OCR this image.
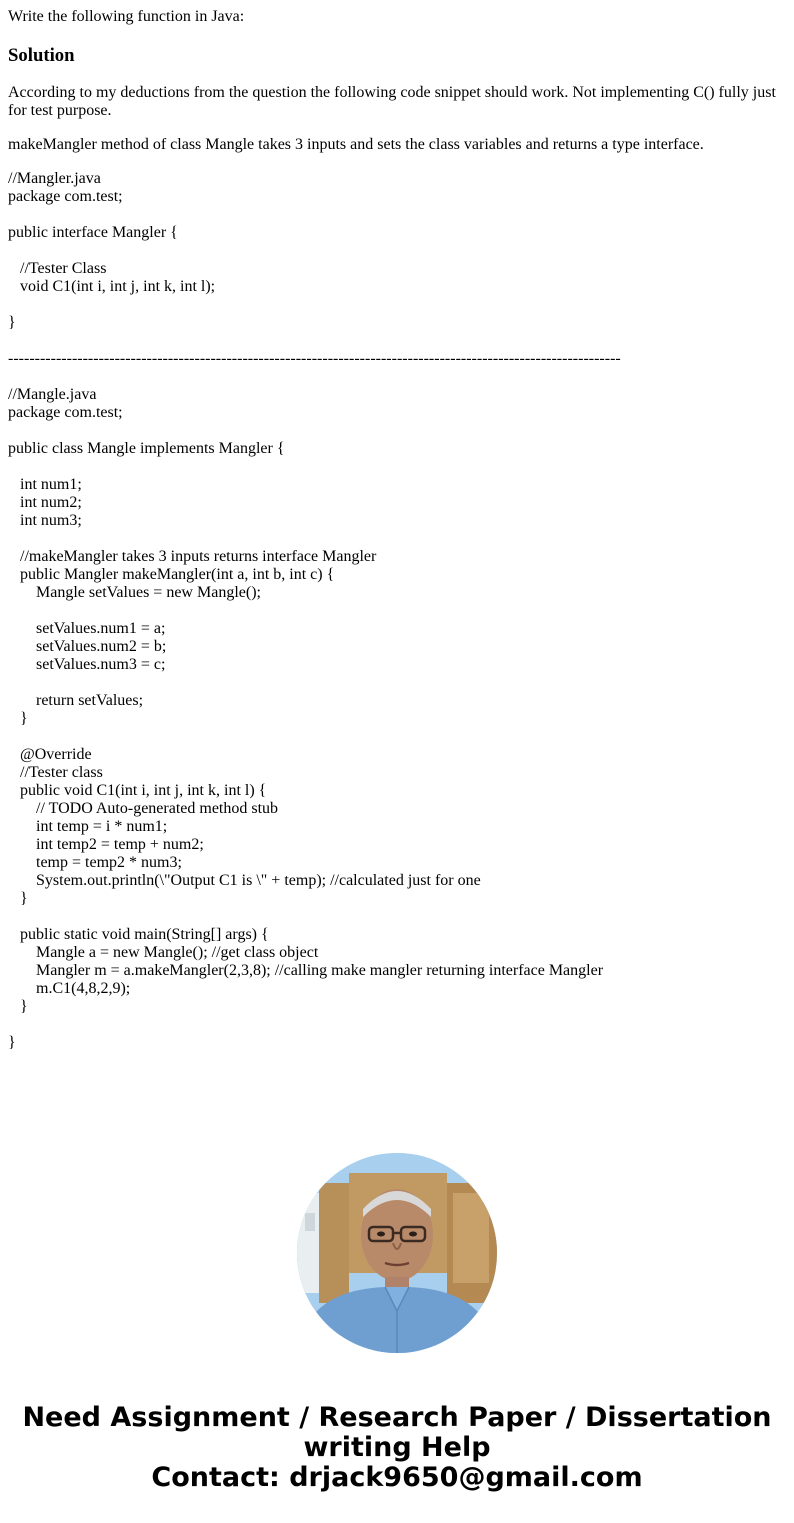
Write the following function in Java:
Solution

According to my deductions from the question the following code snippet should work. Not implementing C() fully just for test purpose.

makeMangler method of class Mangle takes 3 inputs and sets the class variables and returns a type interface.

//Mangler.java
package com.test;
public interface Mangler {
//Tester Class
void C1(int i, int j, int k, int l);
}
-------------------------------------------------------------------------------------------------------------------
//Mangle.java
package com.test;
public class Mangle implements Mangler {
int num1;
int num2;
int num3;
//makeMangler takes 3 inputs returns interface Mangler
public Mangler makeMangler(int a, int b, int c) {
Mangle setValues = new Mangle();
setValues.num1 = a;
setValues.num2 = b;
setValues.num3 = c;
return setValues;
}
@Override
//Tester class
public void C1(int i, int j, int k, int l) {
// TODO Auto-generated method stub
int temp = i * num1;
int temp2 = temp + num2;
temp = temp2 * num3;
System.out.println(\"Output C1 is \" + temp); //calculated just for one
}
public static void main(String[] args) {
Mangle a = new Mangle(); //get class object
Mangler m = a.makeMangler(2,3,8); //calling make mangler returning interface Mangler
m.C1(4,8,2,9);
}
}
Need Assignment / Research Paper / Dissertation
writing Help
Contact: drjack9650@gmail.com
